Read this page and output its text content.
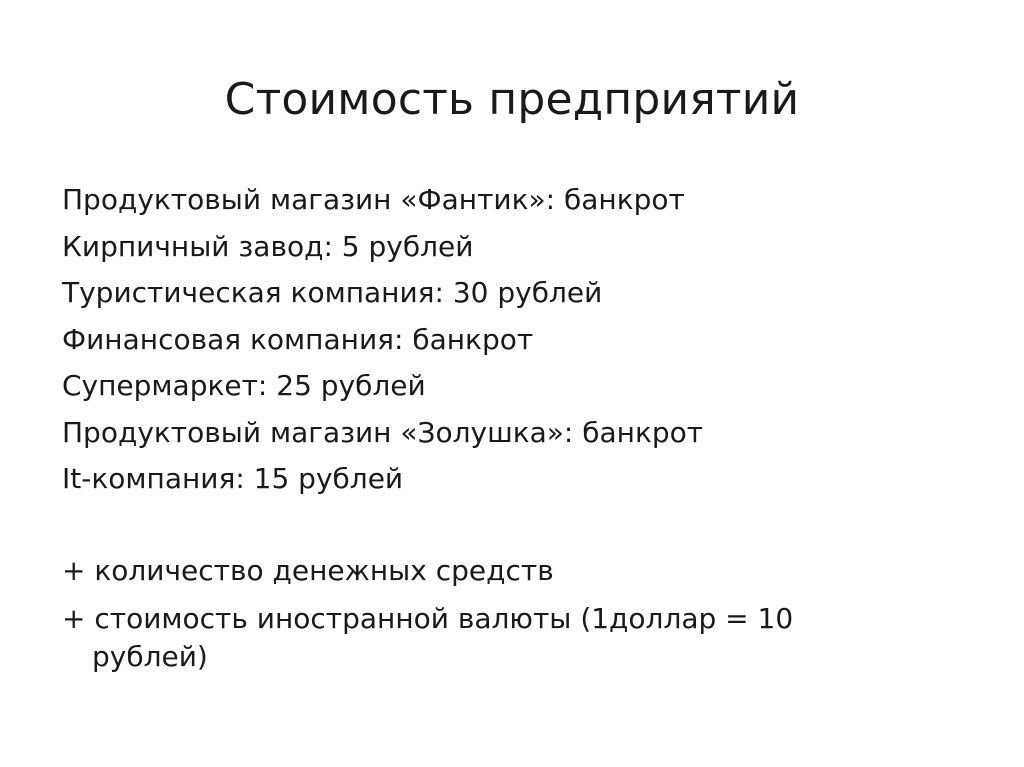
Стоимость предприятий
Продуктовый магазин «Фантик»: банкрот
Кирпичный завод: 5 рублей
Туристическая компания: 30 рублей
Финансовая компания: банкрот
Супермаркет: 25 рублей
Продуктовый магазин «Золушка»: банкрот
It-компания: 15 рублей
+ количество денежных средств
+ стоимость иностранной валюты (1доллар = 10 рублей)
